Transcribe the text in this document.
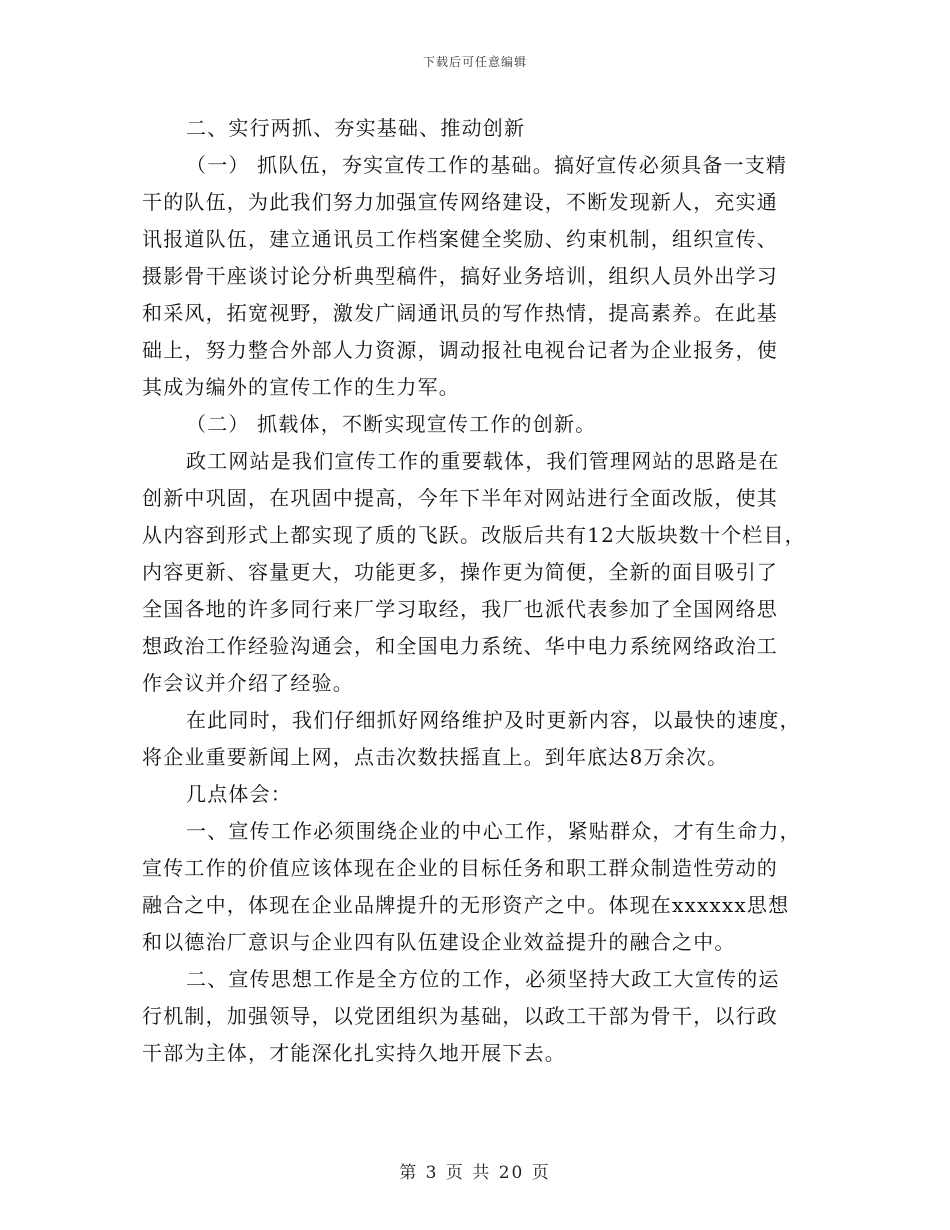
下载后可任意编辑
二、实行两抓、夯实基础、推动创新
（一） 抓队伍，夯实宣传工作的基础。搞好宣传必须具备一支精
干的队伍，为此我们努力加强宣传网络建设，不断发现新人，充实通
讯报道队伍，建立通讯员工作档案健全奖励、约束机制，组织宣传、
摄影骨干座谈讨论分析典型稿件，搞好业务培训，组织人员外出学习
和采风，拓宽视野，激发广阔通讯员的写作热情，提高素养。在此基
础上，努力整合外部人力资源，调动报社电视台记者为企业报务，使
其成为编外的宣传工作的生力军。
（二） 抓载体，不断实现宣传工作的创新。
政工网站是我们宣传工作的重要载体，我们管理网站的思路是在
创新中巩固，在巩固中提高，今年下半年对网站进行全面改版，使其
从内容到形式上都实现了质的飞跃。改版后共有12大版块数十个栏目，
内容更新、容量更大，功能更多，操作更为简便，全新的面目吸引了
全国各地的许多同行来厂学习取经，我厂也派代表参加了全国网络思
想政治工作经验沟通会，和全国电力系统、华中电力系统网络政治工
作会议并介绍了经验。
在此同时，我们仔细抓好网络维护及时更新内容，以最快的速度，
将企业重要新闻上网，点击次数扶摇直上。到年底达8万余次。
几点体会：
一、宣传工作必须围绕企业的中心工作，紧贴群众，才有生命力，
宣传工作的价值应该体现在企业的目标任务和职工群众制造性劳动的
融合之中，体现在企业品牌提升的无形资产之中。体现在xxxxxx思想
和以德治厂意识与企业四有队伍建设企业效益提升的融合之中。
二、宣传思想工作是全方位的工作，必须坚持大政工大宣传的运
行机制，加强领导，以党团组织为基础，以政工干部为骨干，以行政
干部为主体，才能深化扎实持久地开展下去。
第 3 页 共 20 页
